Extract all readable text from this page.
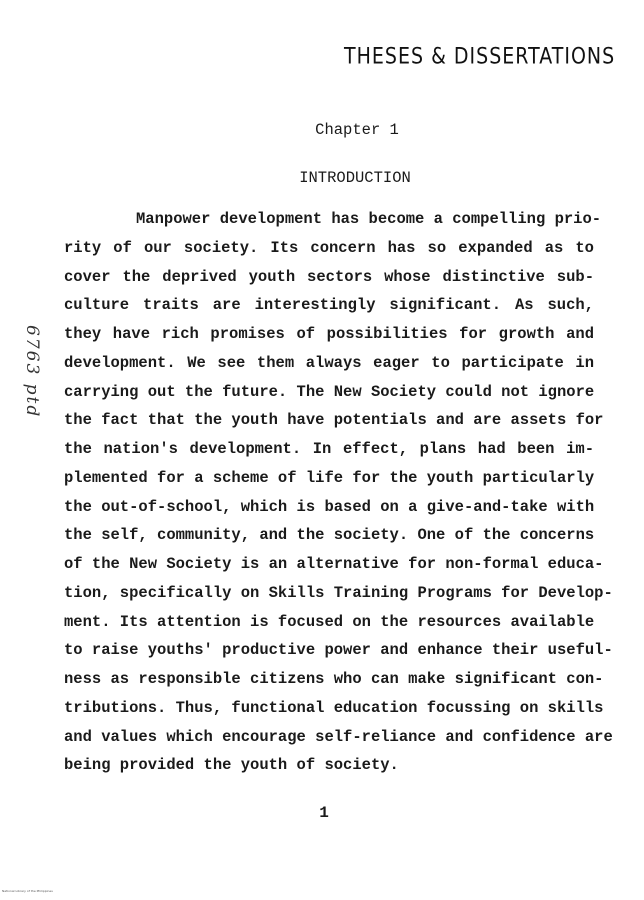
THESES & DISSERTATIONS
6763 ptd
Chapter 1
INTRODUCTION
Manpower development has become a compelling prio-
rity of our society. Its concern has so expanded as to
cover the deprived youth sectors whose distinctive sub-
culture traits are interestingly significant. As such,
they have rich promises of possibilities for growth and
development. We see them always eager to participate in
carrying out the future. The New Society could not ignore
the fact that the youth have potentials and are assets for
the nation's development. In effect, plans had been im-
plemented for a scheme of life for the youth particularly
the out-of-school, which is based on a give-and-take with
the self, community, and the society. One of the concerns
of the New Society is an alternative for non-formal educa-
tion, specifically on Skills Training Programs for Develop-
ment. Its attention is focused on the resources available
to raise youths' productive power and enhance their useful-
ness as responsible citizens who can make significant con-
tributions. Thus, functional education focussing on skills
and values which encourage self-reliance and confidence are
being provided the youth of society.
1
National Library of the Philippines
